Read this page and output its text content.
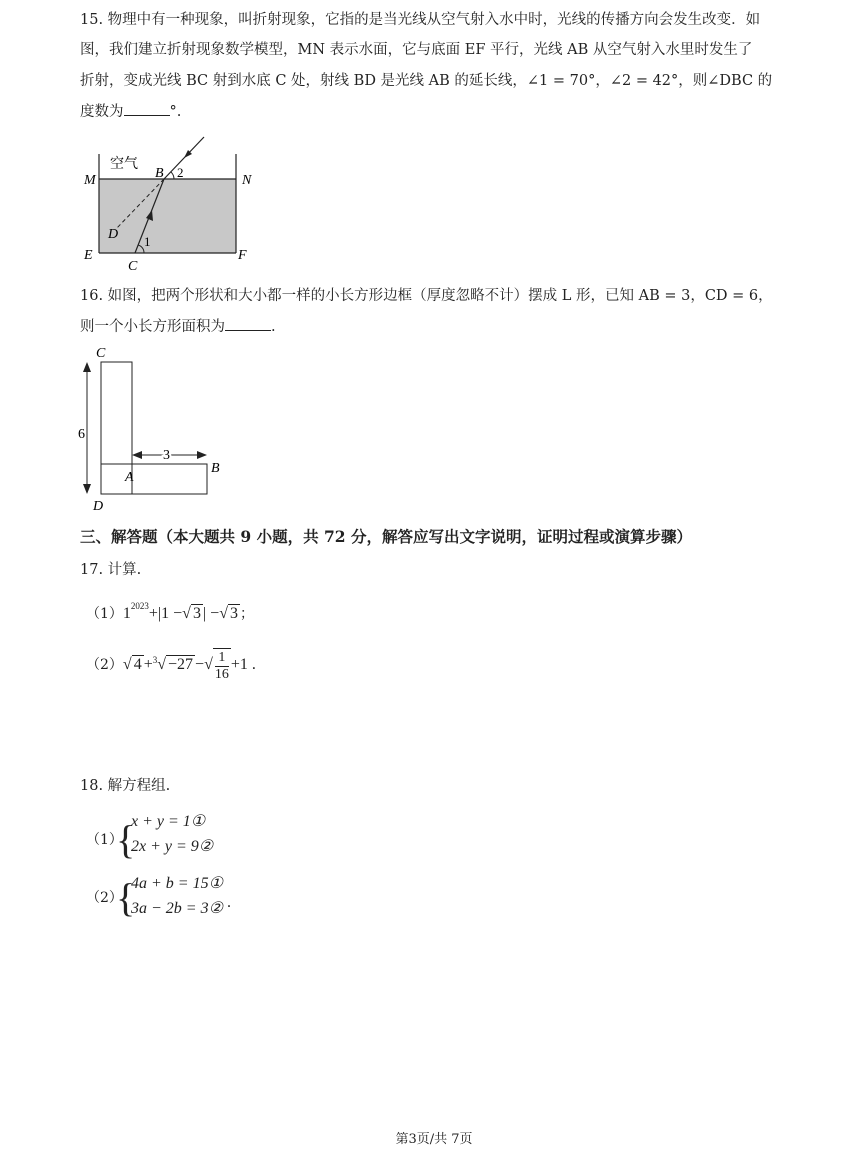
15. 物理中有一种现象，叫折射现象，它指的是当光线从空气射入水中时，光线的传播方向会发生改变．如
图，我们建立折射现象数学模型，MN 表示水面，它与底面 EF 平行，光线 AB 从空气射入水里时发生了
折射，变成光线 BC 射到水底 C 处，射线 BD 是光线 AB 的延长线，∠1 = 70°，∠2 = 42°，则∠DBC 的
度数为	°.
空气
M	N
B 2
D 1
E	F
C
16. 如图，把两个形状和大小都一样的小长方形边框（厚度忽略不计）摆成 L 形，已知 AB = 3，CD = 6，
则一个小长方形面积为	.
C
6
3
B
A
D
三、解答题（本大题共 9 小题，共 72 分，解答应写出文字说明，证明过程或演算步骤）
17. 计算.
$(1)1^{2023}+|1$ −√ 3 | −√ 3 ；
（2）√ 4 +$^3$√ −27 −√ $\frac{1}{16} +1$ .
18. 解方程组.
（1）
{
x + y = 1①
2x + y = 9②
（2）
{
4a + b = 15①
3a − 2b = 3② .
第3页/共 7页
